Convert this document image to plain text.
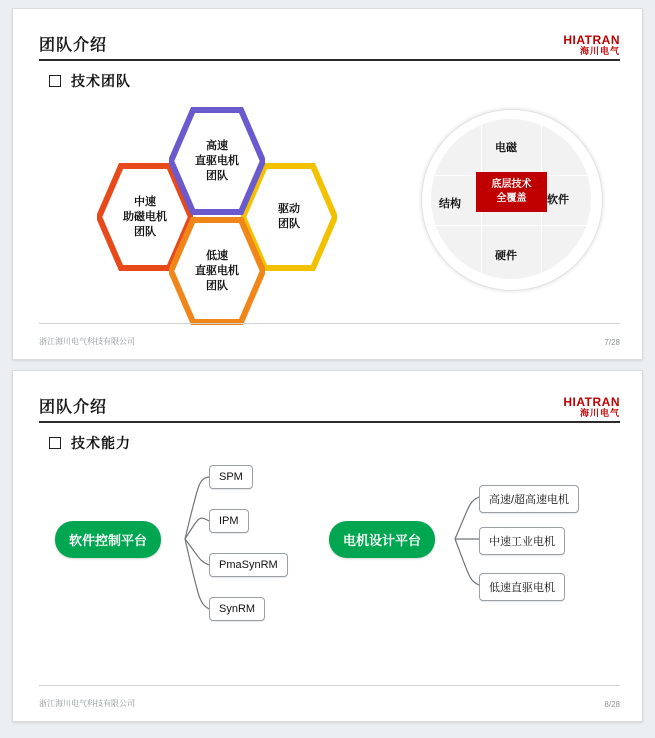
团队介绍	HIATRAN
海川电气
技术团队
中速
助磁电机
团队
驱动
团队
低速
直驱电机
团队
高速
直驱电机
团队
电磁
结构	软件
硬件
底层技术
全覆盖
浙江海川电气科技有限公司	7/28
团队介绍	HIATRAN
海川电气
技术能力
软件控制平台
SPM
IPM
PmaSynRM
SynRM
电机设计平台
高速/超高速电机
中速工业电机
低速直驱电机
浙江海川电气科技有限公司	8/28
